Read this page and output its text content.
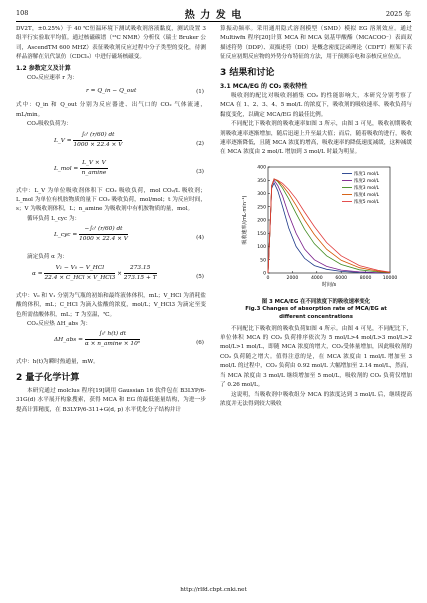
108	热 力 发 电	2025 年

DV2T，±0.25%）于 40 ℃恒温环境下测试吸收剂溶液黏度，测试设置 3 组平行实验取平均值。通过核磁碳谱（¹³C NMR）分析仪（瑞士 Bruker 公司，AscendTM 600 MHZ）表征吸收剂反应过程中分子类型的变化，待测样品溶解在氘代氯仿（CDCl₃）中进行磁场核磁变。

1.2 参数定义及计算

CO₂反应速率 r 为：

r = Q_in − Q_out	(1)

式中：Q_in 和 Q_out 分别为反应器进、出气口的 CO₂ 气体流速，mL/min。

CO₂吸收负荷为：

L_V = $\frac{\text{∫₀ᵗ (r/60) dt}}{1000 \times 22.4 \times V}$	(2)
L_mol = $\frac{L\_V \times V}{n\_amine}$	(3)

式中：L_V 为单位吸收剂体积下 CO₂ 吸收负荷，mol CO₂/L 吸收剂；L_mol 为单位有机胺物质的量下 CO₂ 吸收负荷，mol/mol；t 为反应时间，s；V 为吸收剂体积，L；n_amine 为吸收剂中有机胺物质的量，mol。

循环负荷 L_cyc 为：

L_cyc = $\frac{\text{−∫₀ᵗ (r/60) dt}}{1000 \times 22.4 \times V}$	(4)

滴定负荷 α 为：

$\alpha = \frac{\text{V₁ − V₀ − V\_HCl}}{\text{22.4 × C\_HCl × V\_HCl3}} \times \frac{273.15}{273.15 + T}$	(5)

式中：V₀ 和 V₁ 分别为气瓶的初始和最终液体体积，mL；V_HCl 为消耗盐酸的体积，mL；C_HCl 为滴入盐酸的浓度，mol/L；V_HCl3 为滴定至变色所需盐酸体积，mL；T 为室温，℃。

CO₂反应热 ΔH_abs 为：

ΔH_abs = $\frac{\text{∫₀ᵗ h(t) dt}}{\text{α × n\_amine × 10⁶}}$	(6)

式中：h(t)为瞬时热通量，mW。

2 量子化学计算

本研究通过 molclus 程序[19]调用 Gaussian 16 软件包在 B3LYP/6-31G(d) 水平展开构象搜索，获得 MCA 和 EG 的最低能量结构，为进一步提高计算精度，在 B3LYP/6-311+G(d, p) 水平优化分子结构并计

算振动频率。采用通用隐式溶剂模型（SMD）模拟 EG 溶剂效应。通过 Multiwfn 程序[20]计算 MCA 和 MCA 氨基甲酸酯（MCACOO⁻）表面双描述符势（DDP）、双描述符（DD）是概念密度泛函理论（CDFT）框架下表征反应初期反应物的外势分布特征的方法，用于预测亲电和亲核反应位点。

3 结果和讨论
3.1 MCA/EG 的 CO₂ 吸收特性

吸收剂的配比对吸收剂捕集 CO₂ 的性能影响大，本研究分别考察了 MCA 在 1、2、3、4、5 mol/L 的浓度下，吸收剂的吸收速率、吸收负荷与黏度变化，以确定 MCA/EG 的最佳比例。

不同配比下吸收剂的吸收速率如图 3 所示，由图 3 可见，吸收初期吸收剂吸收速率逐渐增加，随后迅速上升至最大值；而后，随着吸收的进行，吸收速率逐渐降低，且随 MCA 浓度的增高，吸收速率的降低速度减缓，这种减缓在 MCA 浓度由 2 mol/L 增加到 3 mol/L 时最为明显。

浓度1 mol/L
浓度2 mol/L
浓度3 mol/L
浓度4 mol/L
浓度5 mol/L
0	2000	4000	6000	8000 10000
0
50
100
150
200
250
300
350
400
时间/s
吸收速率/(mL·min⁻¹)
图 3 MCA/EG 在不同浓度下的吸收速率变化
Fig.3 Changes of absorption rate of MCA/EG at
different concentrations

不同配比下吸收剂的吸收负荷如图 4 所示。由图 4 可见，不同配比下，单位体积 MCA 的 CO₂ 负荷排序依次为 5 mol/L>4 mol/L>3 mol/L>2 mol/L>1 mol/L，即随 MCA 浓度的增大，CO₂受体量增加，因此吸收剂的 CO₂ 负荷随之增大。值得注意的是，在 MCA 浓度由 1 mol/L 增加至 3 mol/L 的过程中，CO₂ 负荷由 0.92 mol/L 大幅增加至 2.14 mol/L，然而，当 MCA 浓度由 3 mol/L 继续增加至 5 mol/L，吸收剂的 CO₂ 负荷仅增加了 0.26 mol/L。

这说明，当吸收剂中吸收组分 MCA 的浓度达到 3 mol/L 后，继续提高浓度并无法得到较大吸收

http://rlfd.cbpt.cnki.net
